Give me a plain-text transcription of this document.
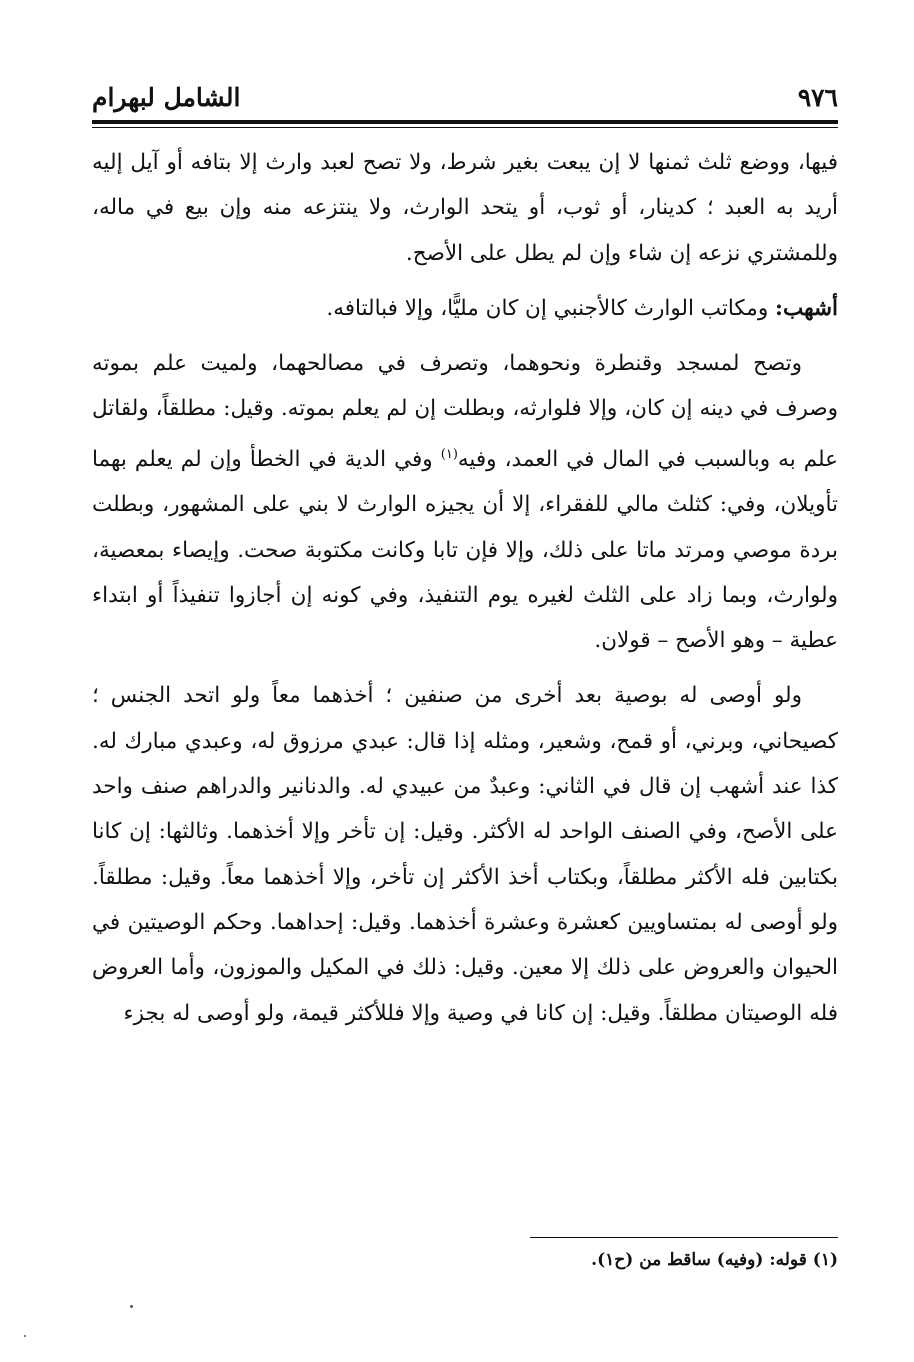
٩٧٦
الشامل لبهرام

فيها، ووضع ثلث ثمنها لا إن يبعت بغير شرط، ولا تصح لعبد وارث إلا بتافه أو آيل إليه أريد به العبد ؛ كدينار، أو ثوب، أو يتحد الوارث، ولا ينتزعه منه وإن بيع في ماله، وللمشتري نزعه إن شاء وإن لم يطل على الأصح.

أشهب: ومكاتب الوارث كالأجنبي إن كان مليًّا، وإلا فبالتافه.

وتصح لمسجد وقنطرة ونحوهما، وتصرف في مصالحهما، ولميت علم بموته وصرف في دينه إن كان، وإلا فلوارثه، وبطلت إن لم يعلم بموته. وقيل: مطلقاً، ولقاتل علم به وبالسبب في المال في العمد، وفيه$^{(١)}$ وفي الدية في الخطأ وإن لم يعلم بهما تأويلان، وفي: كثلث مالي للفقراء، إلا أن يجيزه الوارث لا بني على المشهور، وبطلت بردة موصي ومرتد ماتا على ذلك، وإلا فإن تابا وكانت مكتوبة صحت. وإيصاء بمعصية، ولوارث، وبما زاد على الثلث لغيره يوم التنفيذ، وفي كونه إن أجازوا تنفيذاً أو ابتداء عطية – وهو الأصح – قولان.

ولو أوصى له بوصية بعد أخرى من صنفين ؛ أخذهما معاً ولو اتحد الجنس ؛ كصيحاني، وبرني، أو قمح، وشعير، ومثله إذا قال: عبدي مرزوق له، وعبدي مبارك له. كذا عند أشهب إن قال في الثاني: وعبدٌ من عبيدي له. والدنانير والدراهم صنف واحد على الأصح، وفي الصنف الواحد له الأكثر. وقيل: إن تأخر وإلا أخذهما. وثالثها: إن كانا بكتابين فله الأكثر مطلقاً، وبكتاب أخذ الأكثر إن تأخر، وإلا أخذهما معاً. وقيل: مطلقاً. ولو أوصى له بمتساويين كعشرة وعشرة أخذهما. وقيل: إحداهما. وحكم الوصيتين في الحيوان والعروض على ذلك إلا معين. وقيل: ذلك في المكيل والموزون، وأما العروض فله الوصيتان مطلقاً. وقيل: إن كانا في وصية وإلا فللأكثر قيمة، ولو أوصى له بجزء

(١) قوله: (وفيه) ساقط من (ح١).
